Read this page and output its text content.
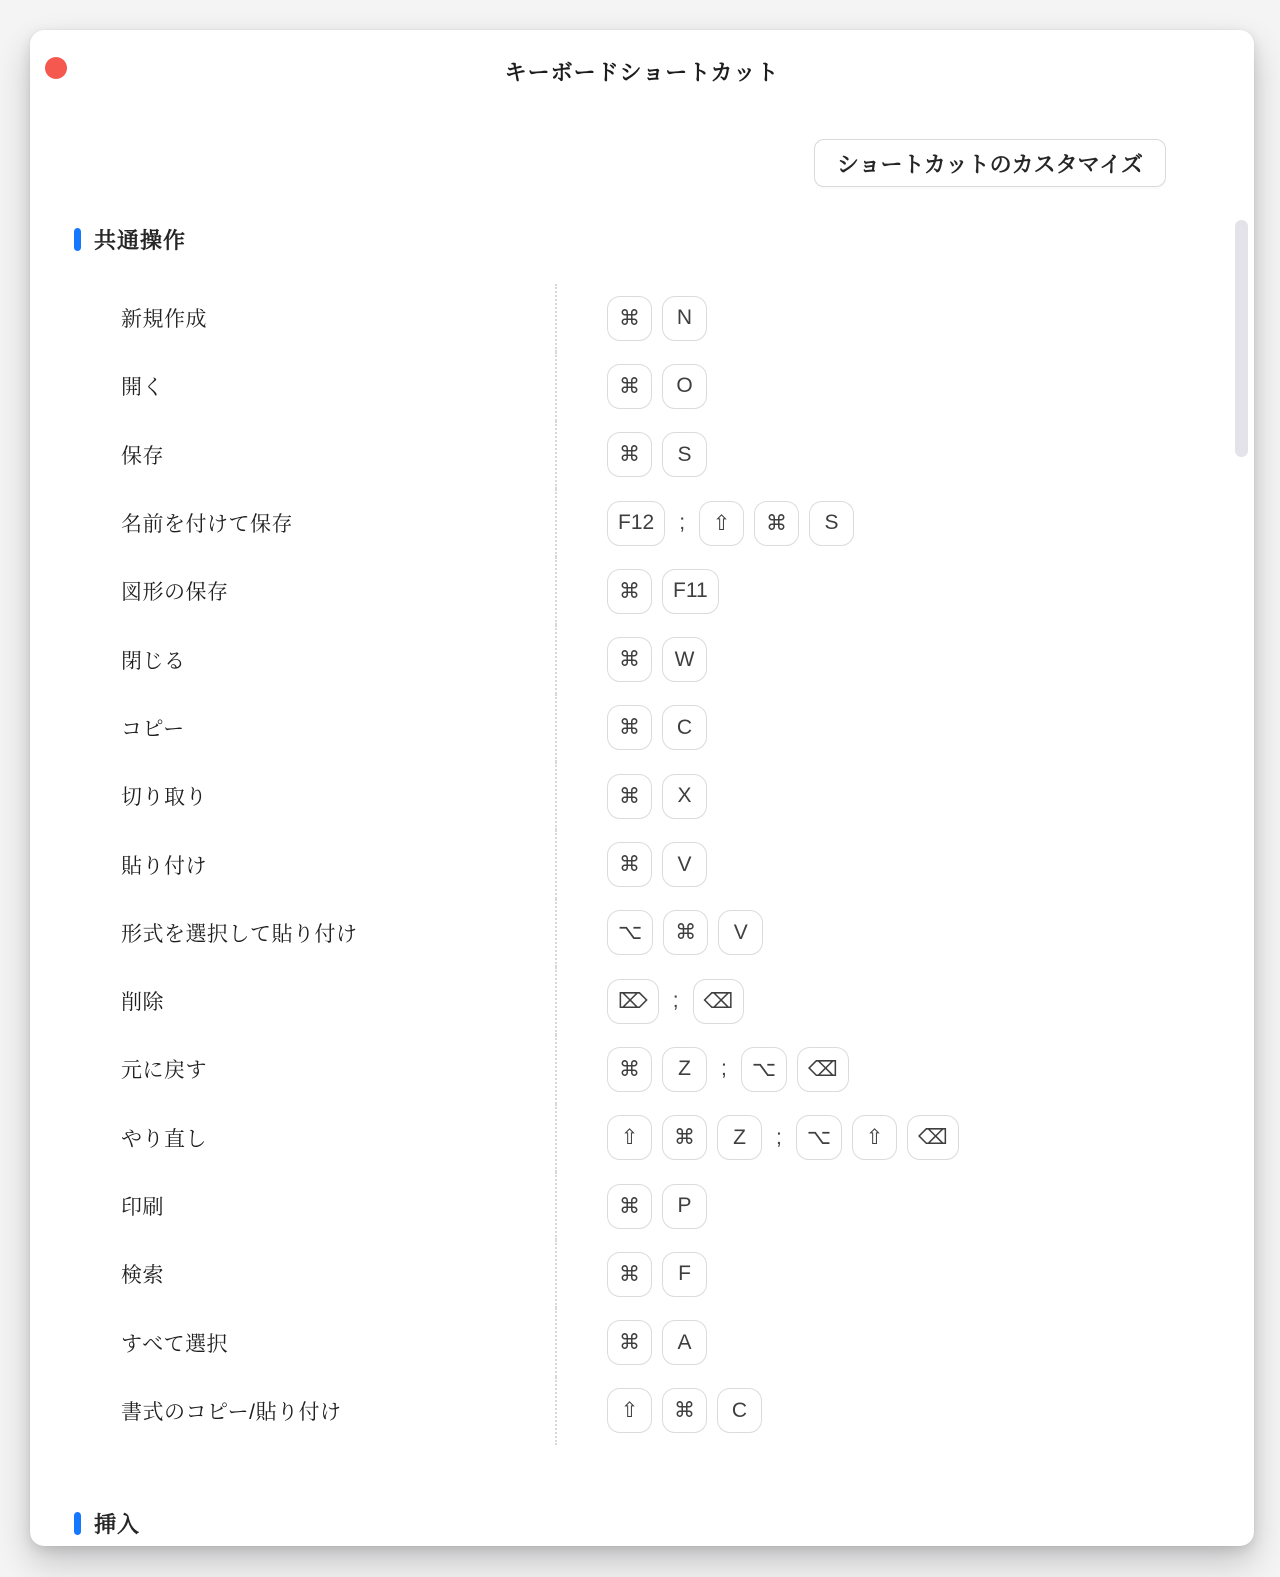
キーボードショートカット
ショートカットのカスタマイズ
共通操作
新規作成	⌘	N
開く	⌘	O
保存	⌘	S
名前を付けて保存	F12	;	⇧	⌘	S
図形の保存	⌘	F11
閉じる	⌘	W
コピー	⌘	C
切り取り	⌘	X
貼り付け	⌘	V
形式を選択して貼り付け	⌥	⌘	V
削除	⌦	;	⌫
元に戻す	⌘	Z	;	⌥	⌫
やり直し	⇧	⌘	Z	;	⌥	⇧	⌫
印刷	⌘	P
検索	⌘	F
すべて選択	⌘	A
書式のコピー/貼り付け	⇧	⌘	C
挿入
